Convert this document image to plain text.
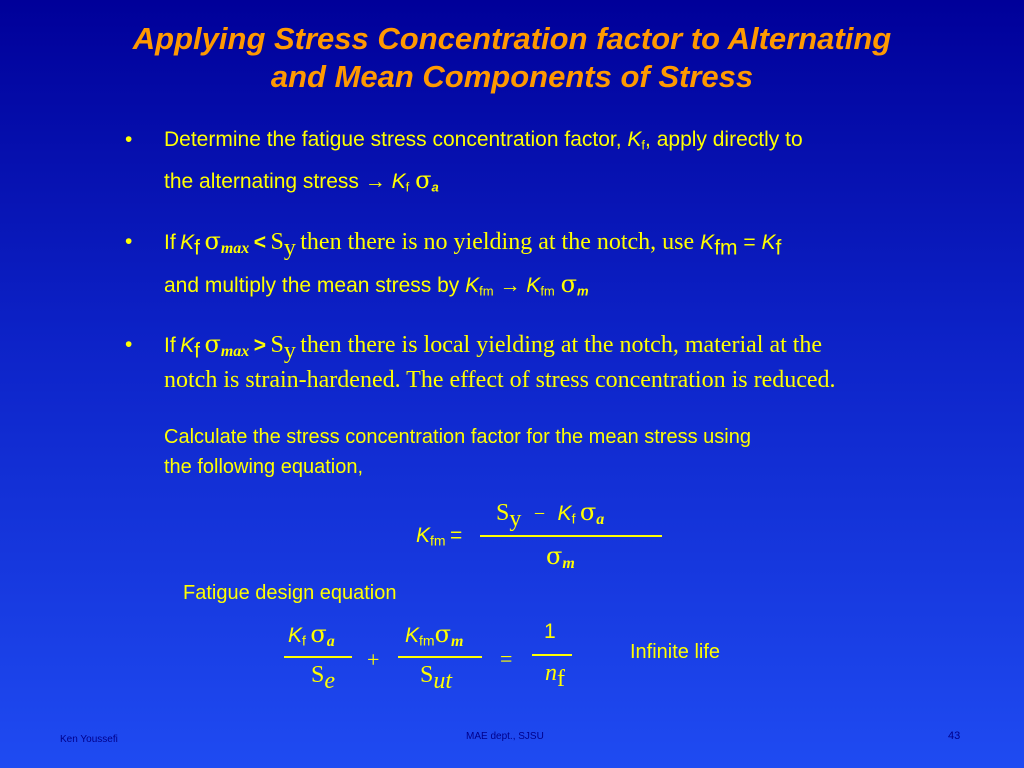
Applying Stress Concentration factor to Alternating
and Mean Components of Stress
• Determine the fatigue stress concentration factor, $K_f$, apply directly to
the alternating stress → $K_f$ $\sigma_a$
• If $K_f$ $\sigma_{max} < S_y$ then there is no yielding at the notch, use $K_{fm} = K_f$
and multiply the mean stress by $K_{fm} \to K_{fm}$ $\sigma_m$
• If $K_f$ $\sigma_{max} > S_y$ then there is local yielding at the notch, material at the
notch is strain-hardened. The effect of stress concentration is reduced.
Calculate the stress concentration factor for the mean stress using
the following equation,
$K_{fm}$ =
$S_y - K_f$ $\sigma_a$
$\sigma_m$
Fatigue design equation
$K_f$ $\sigma_a$
$S_e$
+
$K_{fm}\sigma_m$
$S_{ut}$
=
1
$n_f$
Infinite life
Ken Youssefi	MAE dept., SJSU	43
